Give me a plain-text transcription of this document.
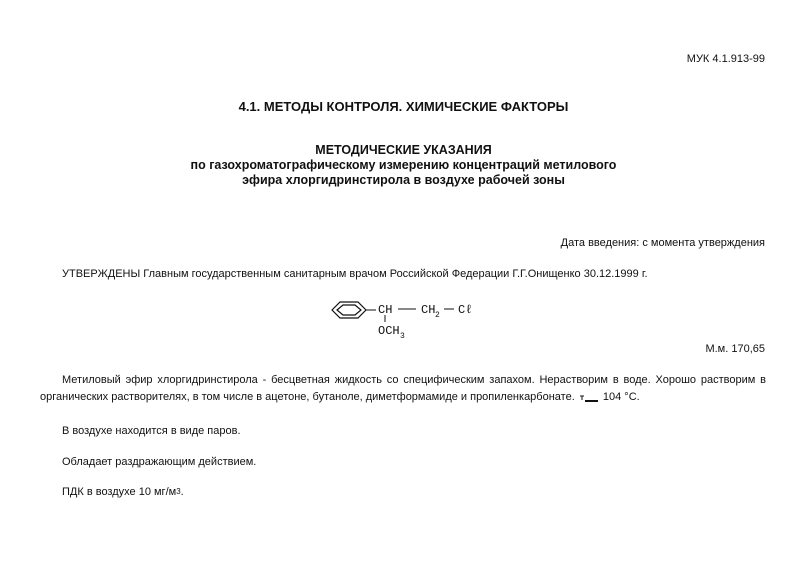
МУК 4.1.913-99
4.1. МЕТОДЫ КОНТРОЛЯ. ХИМИЧЕСКИЕ ФАКТОРЫ
МЕТОДИЧЕСКИЕ УКАЗАНИЯ
по газохроматографическому измерению концентраций метилового
эфира хлоргидринстирола в воздухе рабочей зоны
Дата введения: с момента утверждения
УТВЕРЖДЕНЫ Главным государственным санитарным врачом Российской Федерации Г.Г.Онищенко 30.12.1999 г.
CH CH 2 Cℓ
OCH 3
М.м. 170,65
Метиловый эфир хлоргидринстирола - бесцветная жидкость со специфическим запахом. Нерастворим в воде. Хорошо растворим в органических растворителях, в том числе в ацетоне, бутаноле, диметформамиде и пропиленкарбонате.	104 °С.
В воздухе находится в виде паров.
Обладает раздражающим действием.
ПДК в воздухе 10 мг/м3.
